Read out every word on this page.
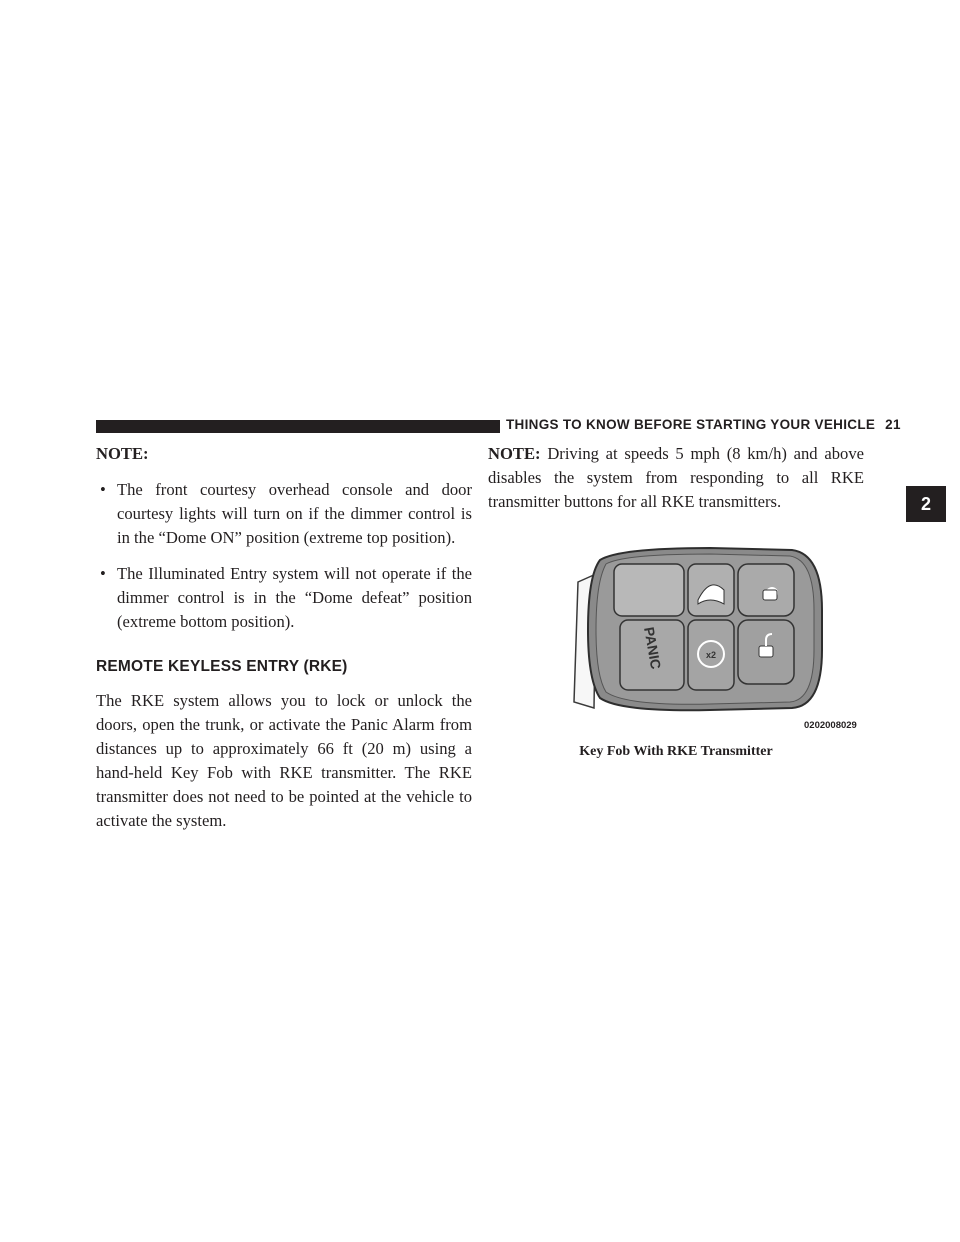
THINGS TO KNOW BEFORE STARTING YOUR VEHICLE 21
2

NOTE:

• The front courtesy overhead console and door courtesy lights will turn on if the dimmer control is in the “Dome ON” position (extreme top position).
• The Illuminated Entry system will not operate if the dimmer control is in the “Dome defeat” position (extreme bottom position).
REMOTE KEYLESS ENTRY (RKE)

The RKE system allows you to lock or unlock the doors, open the trunk, or activate the Panic Alarm from distances up to approximately 66 ft (20 m) using a hand-held Key Fob with RKE transmitter. The RKE transmitter does not need to be pointed at the vehicle to activate the system.

NOTE: Driving at speeds 5 mph (8 km/h) and above disables the system from responding to all RKE transmitter buttons for all RKE transmitters.

x2
PANIC
0202008029
Key Fob With RKE Transmitter
